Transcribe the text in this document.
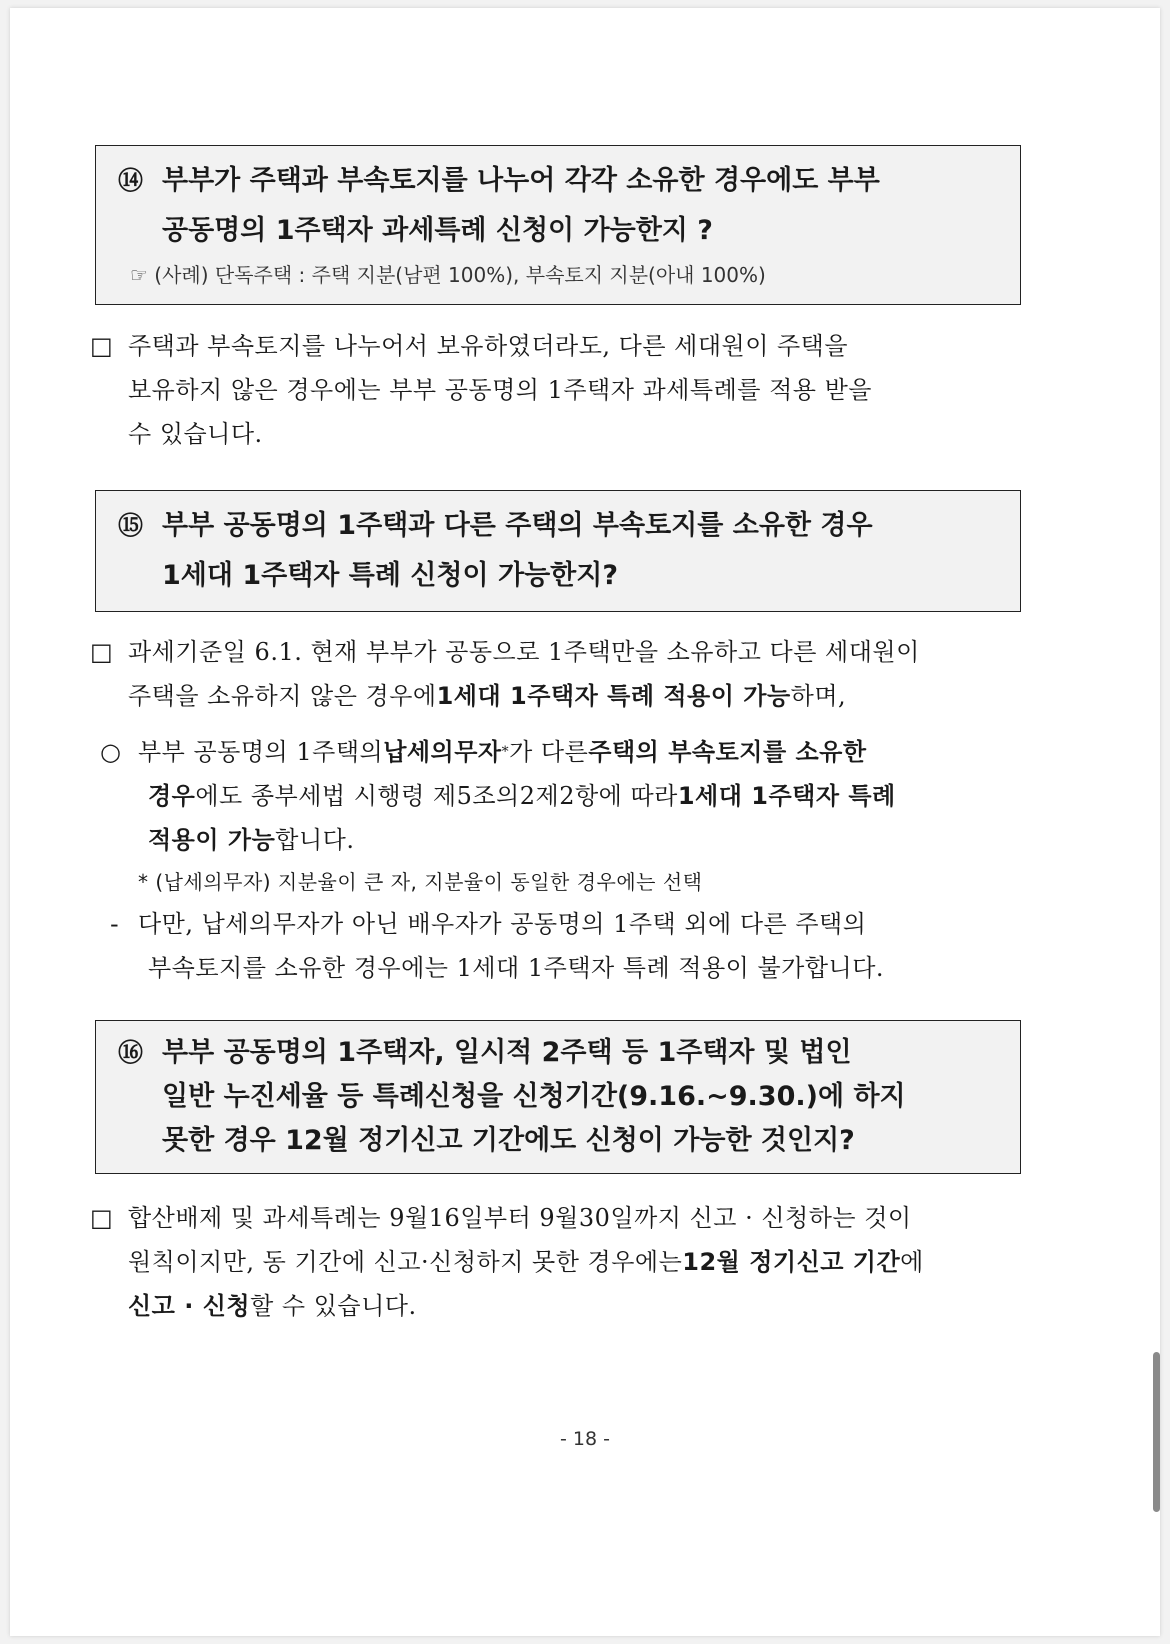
⑭ 부부가 주택과 부속토지를 나누어 각각 소유한 경우에도 부부
공동명의 1주택자 과세특례 신청이 가능한지 ?
☞ (사례) 단독주택 : 주택 지분(남편 100%), 부속토지 지분(아내 100%)
□ 주택과 부속토지를 나누어서 보유하였더라도, 다른 세대원이 주택을
보유하지 않은 경우에는 부부 공동명의 1주택자 과세특례를 적용 받을
수 있습니다.
⑮ 부부 공동명의 1주택과 다른 주택의 부속토지를 소유한 경우
1세대 1주택자 특례 신청이 가능한지?
□ 과세기준일 6.1. 현재 부부가 공동으로 1주택만을 소유하고 다른 세대원이
주택을 소유하지 않은 경우에 1세대 1주택자 특례 적용이 가능 하며,
○ 부부 공동명의 1주택의 납세의무자 * 가 다른 주택의 부속토지를 소유한
경우 에도 종부세법 시행령 제5조의2제2항에 따라 1세대 1주택자 특례
적용이 가능 합니다.
* (납세의무자) 지분율이 큰 자, 지분율이 동일한 경우에는 선택
- 다만, 납세의무자가 아닌 배우자가 공동명의 1주택 외에 다른 주택의
부속토지를 소유한 경우에는 1세대 1주택자 특례 적용이 불가합니다.
⑯ 부부 공동명의 1주택자, 일시적 2주택 등 1주택자 및 법인
일반 누진세율 등 특례신청을 신청기간(9.16.~9.30.)에 하지
못한 경우 12월 정기신고 기간에도 신청이 가능한 것인지?
□ 합산배제 및 과세특례는 9월16일부터 9월30일까지 신고 · 신청하는 것이
원칙이지만, 동 기간에 신고·신청하지 못한 경우에는 12월 정기신고 기간 에
신고 · 신청 할 수 있습니다.
- 18 -
